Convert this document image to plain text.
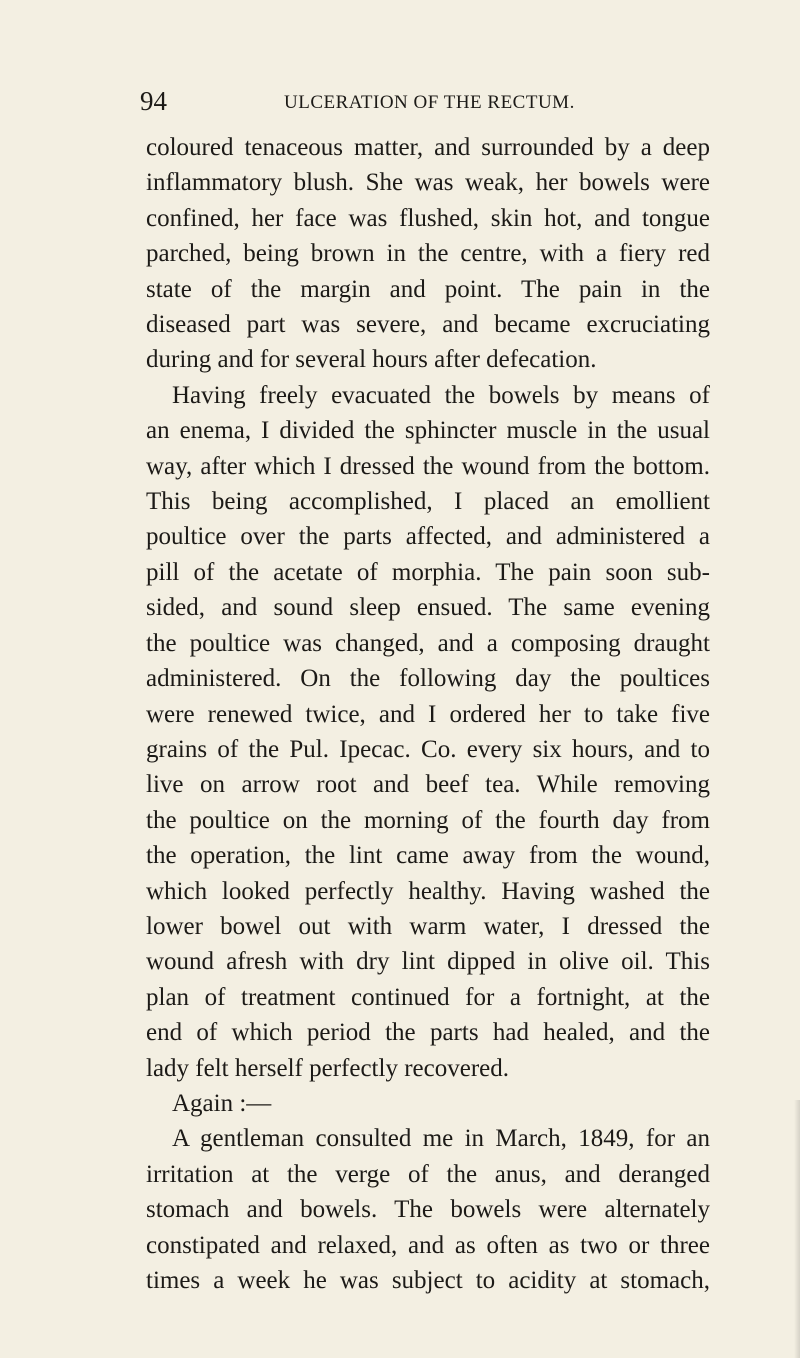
94	ULCERATION OF THE RECTUM.
coloured tenaceous matter, and surrounded by a deep
inflammatory blush. She was weak, her bowels were
confined, her face was flushed, skin hot, and tongue
parched, being brown in the centre, with a fiery red
state of the margin and point. The pain in the
diseased part was severe, and became excruciating
during and for several hours after defecation.
Having freely evacuated the bowels by means of
an enema, I divided the sphincter muscle in the usual
way, after which I dressed the wound from the bottom.
This being accomplished, I placed an emollient
poultice over the parts affected, and administered a
pill of the acetate of morphia. The pain soon sub-
sided, and sound sleep ensued. The same evening
the poultice was changed, and a composing draught
administered. On the following day the poultices
were renewed twice, and I ordered her to take five
grains of the Pul. Ipecac. Co. every six hours, and to
live on arrow root and beef tea. While removing
the poultice on the morning of the fourth day from
the operation, the lint came away from the wound,
which looked perfectly healthy. Having washed the
lower bowel out with warm water, I dressed the
wound afresh with dry lint dipped in olive oil. This
plan of treatment continued for a fortnight, at the
end of which period the parts had healed, and the
lady felt herself perfectly recovered.
Again :—
A gentleman consulted me in March, 1849, for an
irritation at the verge of the anus, and deranged
stomach and bowels. The bowels were alternately
constipated and relaxed, and as often as two or three
times a week he was subject to acidity at stomach,
